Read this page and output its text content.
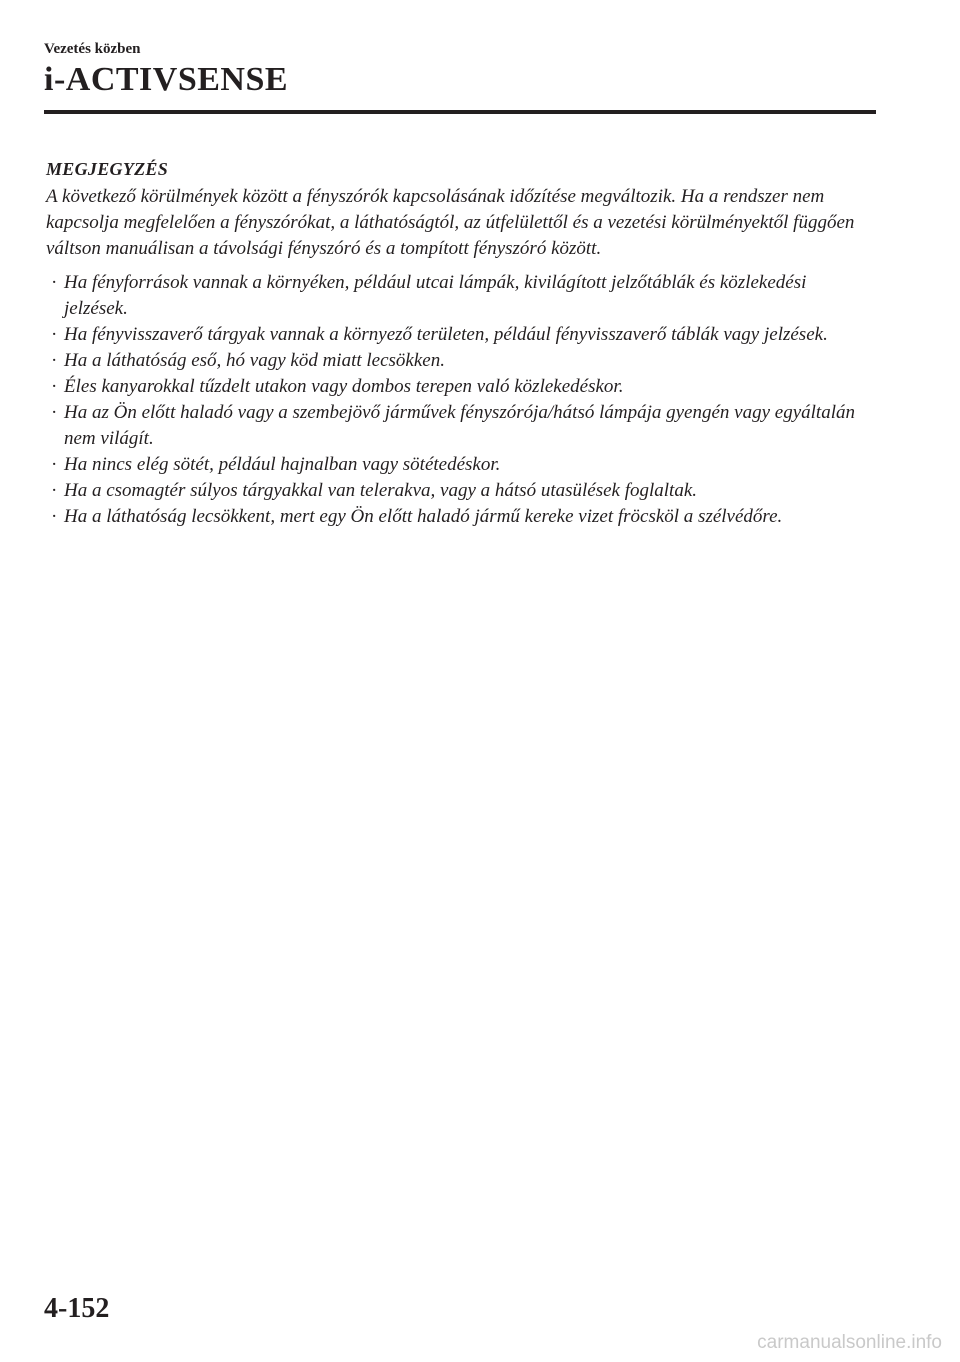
Vezetés közben

i-ACTIVSENSE

MEGJEGYZÉS

A következő körülmények között a fényszórók kapcsolásának időzítése megváltozik. Ha a rendszer nem kapcsolja megfelelően a fényszórókat, a láthatóságtól, az útfelülettől és a vezetési körülményektől függően váltson manuálisan a távolsági fényszóró és a tompított fényszóró között.

· Ha fényforrások vannak a környéken, például utcai lámpák, kivilágított jelzőtáblák és közlekedési jelzések.
· Ha fényvisszaverő tárgyak vannak a környező területen, például fényvisszaverő táblák vagy jelzések.
· Ha a láthatóság eső, hó vagy köd miatt lecsökken.
· Éles kanyarokkal tűzdelt utakon vagy dombos terepen való közlekedéskor.
· Ha az Ön előtt haladó vagy a szembejövő járművek fényszórója/hátsó lámpája gyengén vagy egyáltalán nem világít.
· Ha nincs elég sötét, például hajnalban vagy sötétedéskor.
· Ha a csomagtér súlyos tárgyakkal van telerakva, vagy a hátsó utasülések foglaltak.
· Ha a láthatóság lecsökkent, mert egy Ön előtt haladó jármű kereke vizet fröcsköl a szélvédőre.
4-152
carmanualsonline.info
